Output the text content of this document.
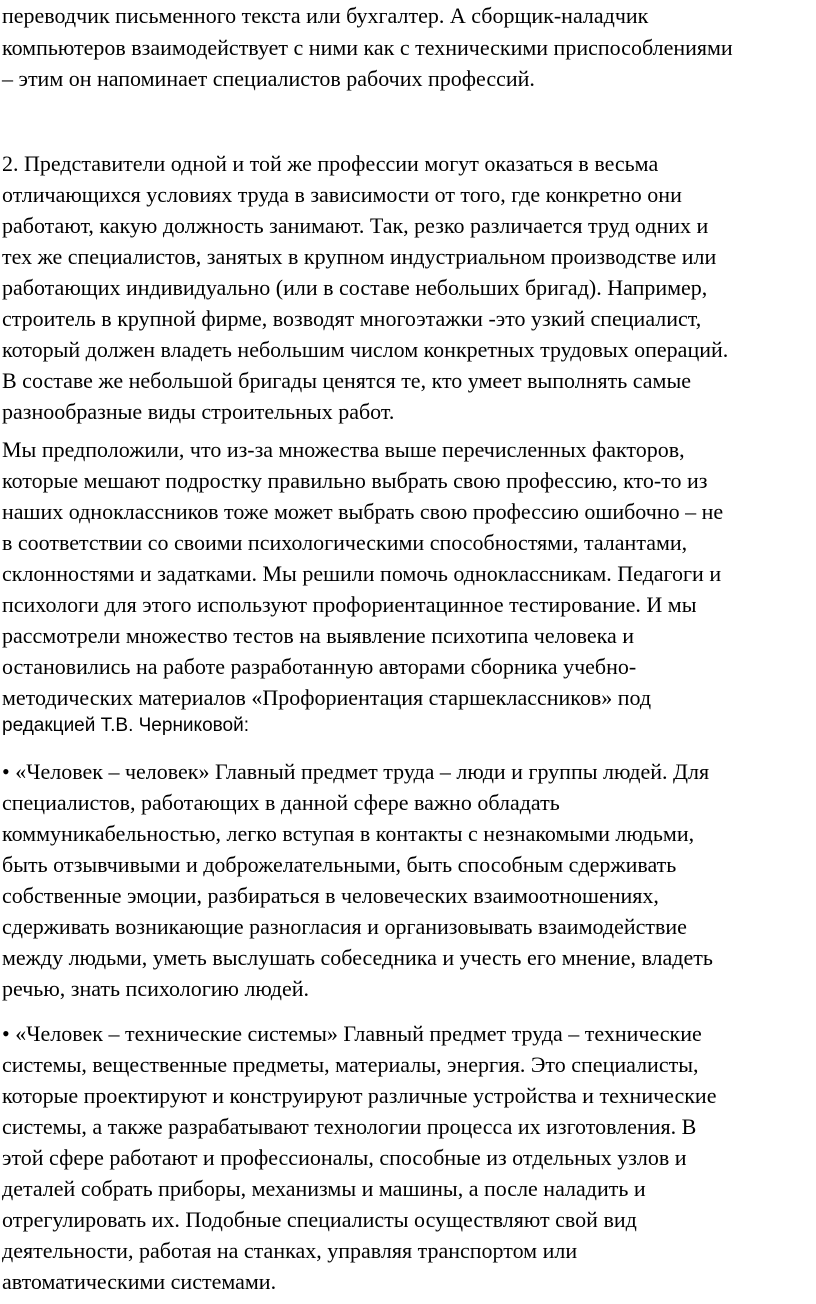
переводчик письменного текста или бухгалтер. А сборщик-наладчик
компьютеров взаимодействует с ними как с техническими приспособлениями
– этим он напоминает специалистов рабочих профессий.
2. Представители одной и той же профессии могут оказаться в весьма
отличающихся условиях труда в зависимости от того, где конкретно они
работают, какую должность занимают. Так, резко различается труд одних и
тех же специалистов, занятых в крупном индустриальном производстве или
работающих индивидуально (или в составе небольших бригад). Например,
строитель в крупной фирме, возводят многоэтажки -это узкий специалист,
который должен владеть небольшим числом конкретных трудовых операций.
В составе же небольшой бригады ценятся те, кто умеет выполнять самые
разнообразные виды строительных работ.
Мы предположили, что из-за множества выше перечисленных факторов,
которые мешают подростку правильно выбрать свою профессию, кто-то из
наших одноклассников тоже может выбрать свою профессию ошибочно – не
в соответствии со своими психологическими способностями, талантами,
склонностями и задатками. Мы решили помочь одноклассникам. Педагоги и
психологи для этого используют профориентацинное тестирование. И мы
рассмотрели множество тестов на выявление психотипа человека и
остановились на работе разработанную авторами сборника учебно-
методических материалов «Профориентация старшеклассников» под
редакцией Т.В. Черниковой:
• «Человек – человек» Главный предмет труда – люди и группы людей. Для
специалистов, работающих в данной сфере важно обладать
коммуникабельностью, легко вступая в контакты с незнакомыми людьми,
быть отзывчивыми и доброжелательными, быть способным сдерживать
собственные эмоции, разбираться в человеческих взаимоотношениях,
сдерживать возникающие разногласия и организовывать взаимодействие
между людьми, уметь выслушать собеседника и учесть его мнение, владеть
речью, знать психологию людей.
• «Человек – технические системы» Главный предмет труда – технические
системы, вещественные предметы, материалы, энергия. Это специалисты,
которые проектируют и конструируют различные устройства и технические
системы, а также разрабатывают технологии процесса их изготовления. В
этой сфере работают и профессионалы, способные из отдельных узлов и
деталей собрать приборы, механизмы и машины, а после наладить и
отрегулировать их. Подобные специалисты осуществляют свой вид
деятельности, работая на станках, управляя транспортом или
автоматическими системами.
